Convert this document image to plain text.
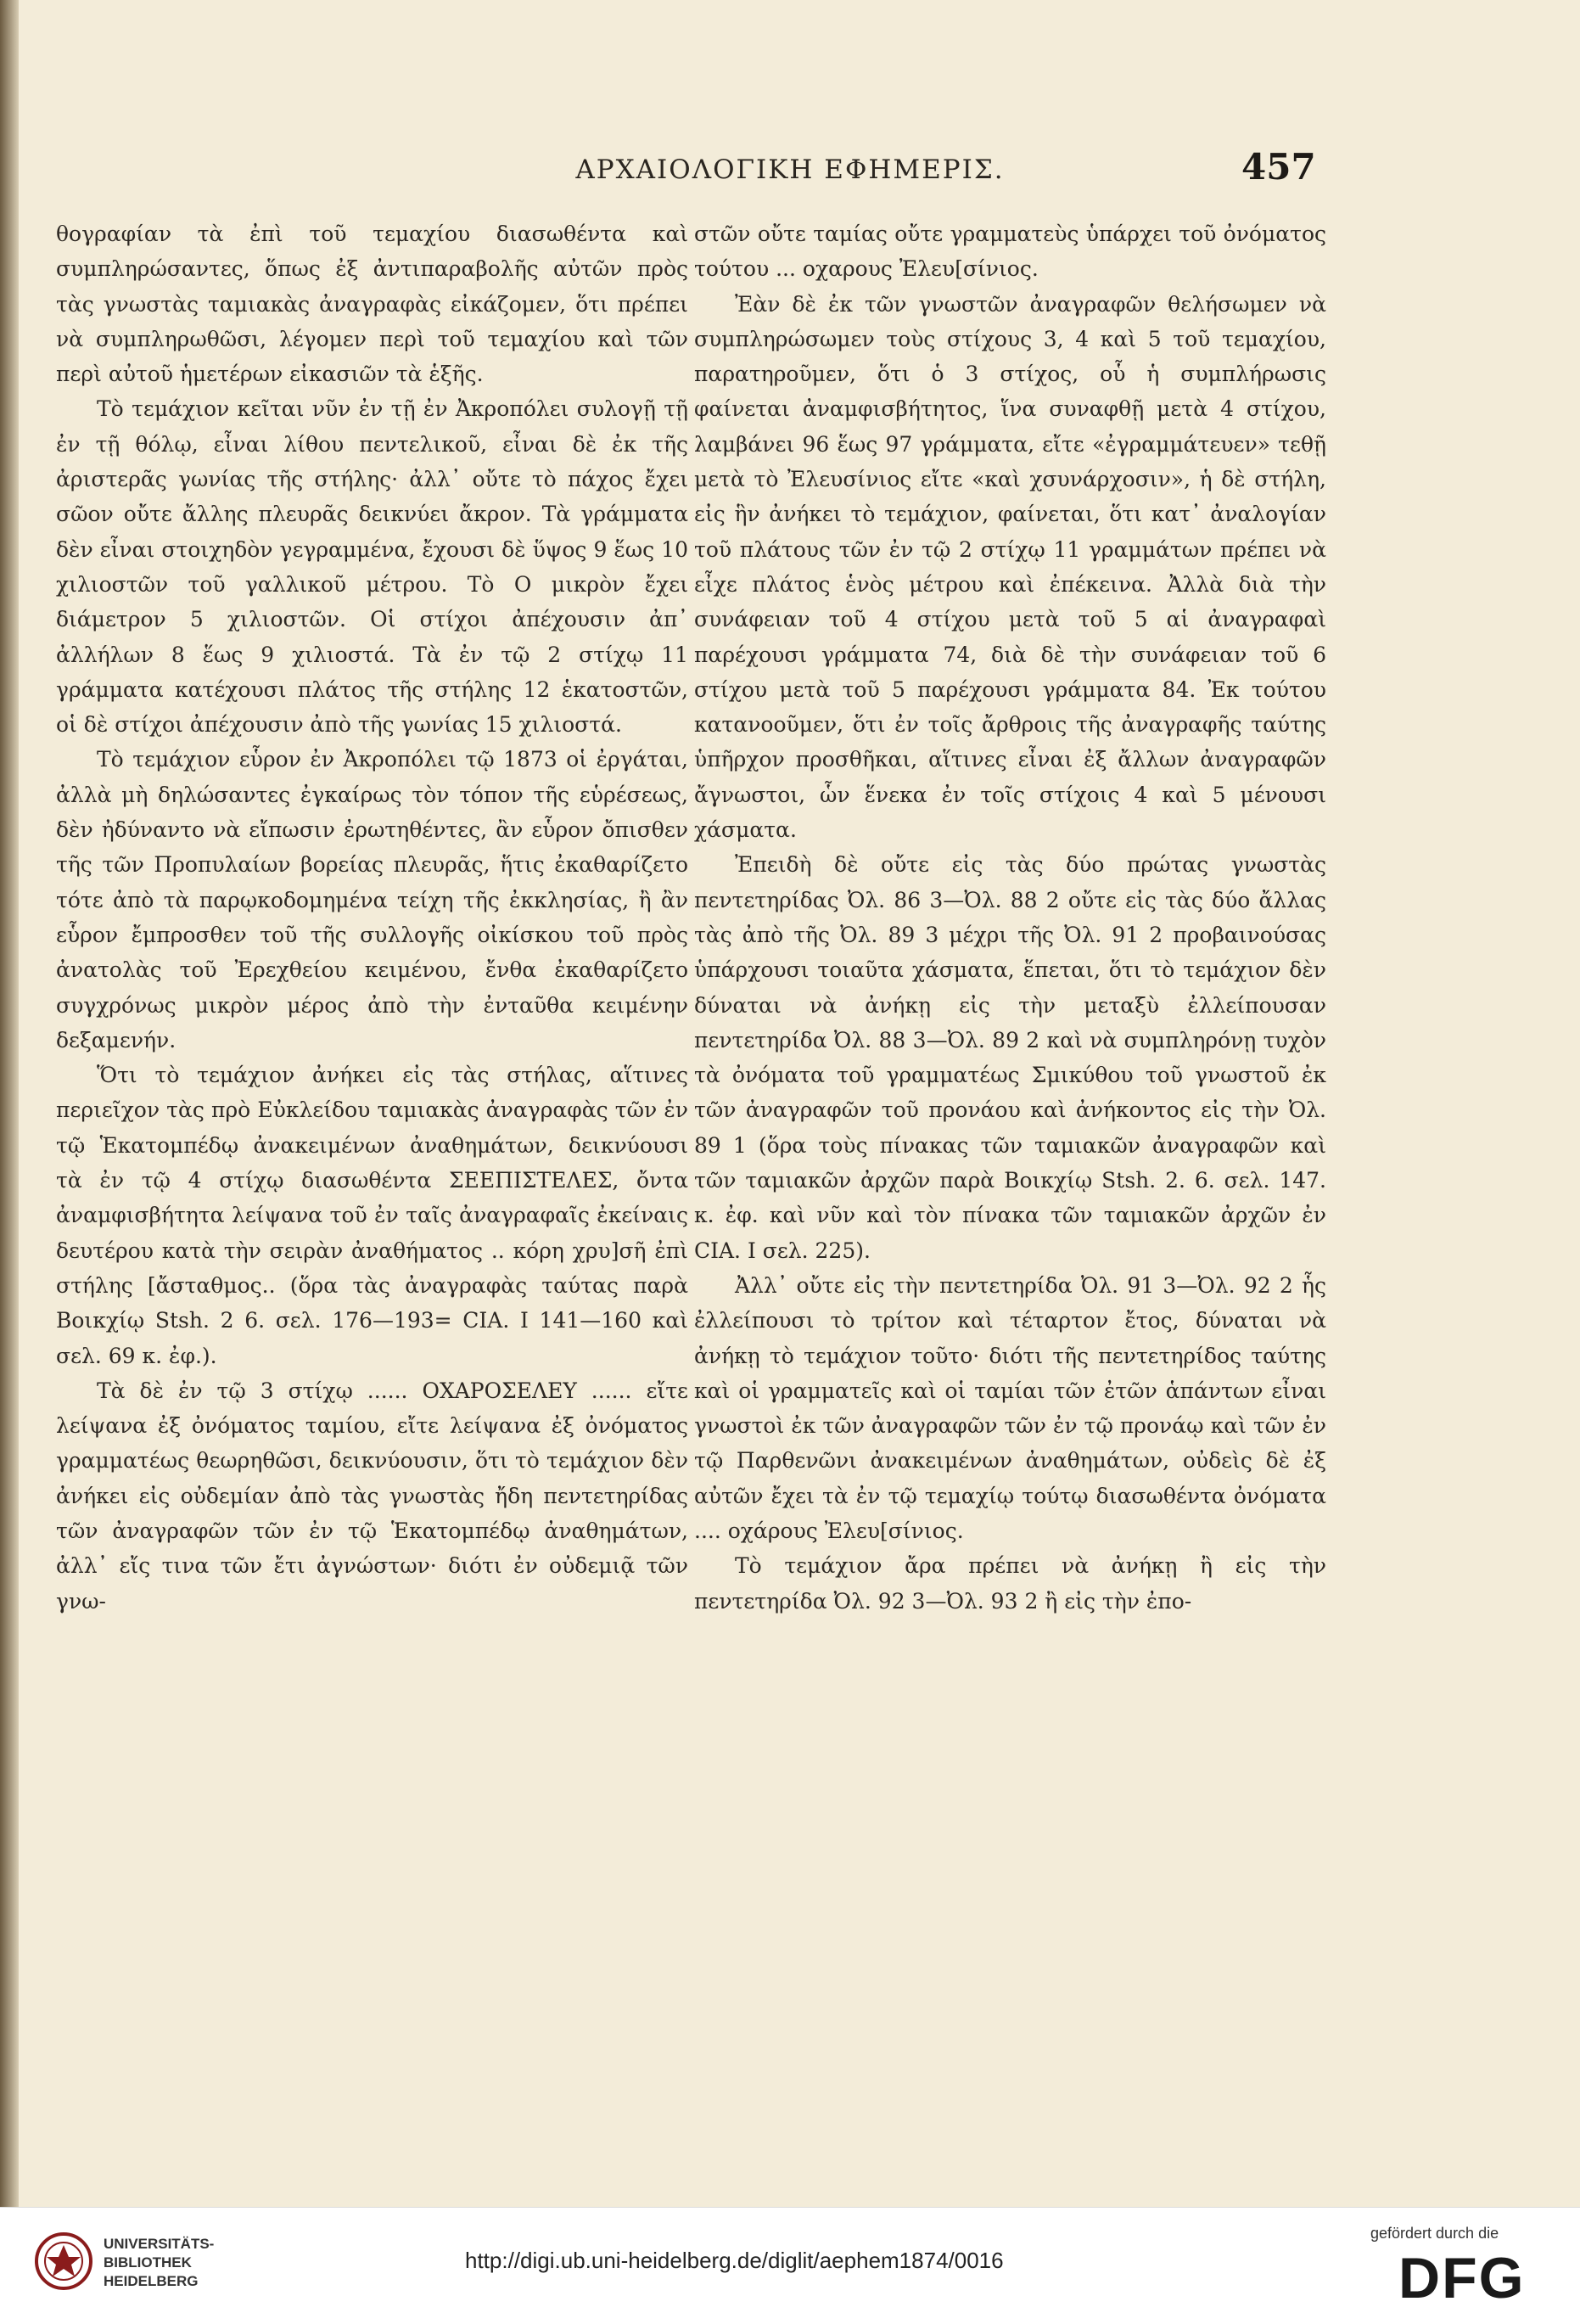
ΑΡΧΑΙΟΛΟΓΙΚΗ ΕΦΗΜΕΡΙΣ.	457

θογραφίαν τὰ ἐπὶ τοῦ τεμαχίου διασωθέντα καὶ συμπληρώσαντες, ὅπως ἐξ ἀντιπαραβολῆς αὐτῶν πρὸς τὰς γνωστὰς ταμιακὰς ἀναγραφὰς εἰκάζομεν, ὅτι πρέπει νὰ συμπληρωθῶσι, λέγομεν περὶ τοῦ τεμαχίου καὶ τῶν περὶ αὐτοῦ ἡμετέρων εἰκασιῶν τὰ ἑξῆς.

Τὸ τεμάχιον κεῖται νῦν ἐν τῇ ἐν Ἀκροπόλει συλογῇ τῇ ἐν τῇ θόλῳ, εἶναι λίθου πεντελικοῦ, εἶναι δὲ ἐκ τῆς ἀριστερᾶς γωνίας τῆς στήλης· ἀλλ᾽ οὔτε τὸ πάχος ἔχει σῶον οὔτε ἄλλης πλευρᾶς δεικνύει ἄκρον. Τὰ γράμματα δὲν εἶναι στοιχηδὸν γεγραμμένα, ἔχουσι δὲ ὕψος 9 ἕως 10 χιλιοστῶν τοῦ γαλλικοῦ μέτρου. Τὸ Ο μικρὸν ἔχει διάμετρον 5 χιλιοστῶν. Οἱ στίχοι ἀπέχουσιν ἀπ᾽ ἀλλήλων 8 ἕως 9 χιλιοστά. Τὰ ἐν τῷ 2 στίχῳ 11 γράμματα κατέχουσι πλάτος τῆς στήλης 12 ἑκατοστῶν, οἱ δὲ στίχοι ἀπέχουσιν ἀπὸ τῆς γωνίας 15 χιλιοστά.

Τὸ τεμάχιον εὗρον ἐν Ἀκροπόλει τῷ 1873 οἱ ἐργάται, ἀλλὰ μὴ δηλώσαντες ἐγκαίρως τὸν τόπον τῆς εὑρέσεως, δὲν ἠδύναντο νὰ εἴπωσιν ἐρωτηθέντες, ἂν εὗρον ὄπισθεν τῆς τῶν Προπυλαίων βορείας πλευρᾶς, ἥτις ἐκαθαρίζετο τότε ἀπὸ τὰ παρῳκοδομημένα τείχη τῆς ἐκκλησίας, ἢ ἂν εὗρον ἔμπροσθεν τοῦ τῆς συλλογῆς οἰκίσκου τοῦ πρὸς ἀνατολὰς τοῦ Ἐρεχθείου κειμένου, ἔνθα ἐκαθαρίζετο συγχρόνως μικρὸν μέρος ἀπὸ τὴν ἐνταῦθα κειμένην δεξαμενήν.

Ὅτι τὸ τεμάχιον ἀνήκει εἰς τὰς στήλας, αἵτινες περιεῖχον τὰς πρὸ Εὐκλείδου ταμιακὰς ἀναγραφὰς τῶν ἐν τῷ Ἑκατομπέδῳ ἀνακειμένων ἀναθημάτων, δεικνύουσι τὰ ἐν τῷ 4 στίχῳ διασωθέντα ΣΕΕΠΙΣΤΕΛΕΣ, ὄντα ἀναμφισβήτητα λείψανα τοῦ ἐν ταῖς ἀναγραφαῖς ἐκείναις δευτέρου κατὰ τὴν σειρὰν ἀναθήματος .. κόρη χρυ]σῆ ἐπὶ στήλης [ἄσταθμος.. (ὅρα τὰς ἀναγραφὰς ταύτας παρὰ Βοικχίῳ Stsh. 2 6. σελ. 176—193= CIA. I 141—160 καὶ σελ. 69 κ. ἐφ.).

Τὰ δὲ ἐν τῷ 3 στίχῳ ...... ΟΧΑΡΟΣΕΛΕΥ ...... εἴτε λείψανα ἐξ ὀνόματος ταμίου, εἴτε λείψανα ἐξ ὀνόματος γραμματέως θεωρηθῶσι, δεικνύουσιν, ὅτι τὸ τεμάχιον δὲν ἀνήκει εἰς οὐδεμίαν ἀπὸ τὰς γνωστὰς ἤδη πεντετηρίδας τῶν ἀναγραφῶν τῶν ἐν τῷ Ἑκατομπέδῳ ἀναθημάτων, ἀλλ᾽ εἴς τινα τῶν ἔτι ἀγνώστων· διότι ἐν οὐδεμιᾷ τῶν γνω-

στῶν οὔτε ταμίας οὔτε γραμματεὺς ὑπάρχει τοῦ ὀνόματος τούτου ... οχαρους Ἐλευ[σίνιος.

Ἐὰν δὲ ἐκ τῶν γνωστῶν ἀναγραφῶν θελήσωμεν νὰ συμπληρώσωμεν τοὺς στίχους 3, 4 καὶ 5 τοῦ τεμαχίου, παρατηροῦμεν, ὅτι ὁ 3 στίχος, οὗ ἡ συμπλήρωσις φαίνεται ἀναμφισβήτητος, ἵνα συναφθῇ μετὰ 4 στίχου, λαμβάνει 96 ἕως 97 γράμματα, εἴτε «ἐγραμμάτευεν» τεθῇ μετὰ τὸ Ἐλευσίνιος εἴτε «καὶ χσυνάρχοσιν», ἡ δὲ στήλη, εἰς ἣν ἀνήκει τὸ τεμάχιον, φαίνεται, ὅτι κατ᾽ ἀναλογίαν τοῦ πλάτους τῶν ἐν τῷ 2 στίχῳ 11 γραμμάτων πρέπει νὰ εἶχε πλάτος ἑνὸς μέτρου καὶ ἐπέκεινα. Ἀλλὰ διὰ τὴν συνάφειαν τοῦ 4 στίχου μετὰ τοῦ 5 αἱ ἀναγραφαὶ παρέχουσι γράμματα 74, διὰ δὲ τὴν συνάφειαν τοῦ 6 στίχου μετὰ τοῦ 5 παρέχουσι γράμματα 84. Ἐκ τούτου κατανοοῦμεν, ὅτι ἐν τοῖς ἄρθροις τῆς ἀναγραφῆς ταύτης ὑπῆρχον προσθῆκαι, αἵτινες εἶναι ἐξ ἄλλων ἀναγραφῶν ἄγνωστοι, ὧν ἕνεκα ἐν τοῖς στίχοις 4 καὶ 5 μένουσι χάσματα.

Ἐπειδὴ δὲ οὔτε εἰς τὰς δύο πρώτας γνωστὰς πεντετηρίδας Ὀλ. 86 3—Ὀλ. 88 2 οὔτε εἰς τὰς δύο ἄλλας τὰς ἀπὸ τῆς Ὀλ. 89 3 μέχρι τῆς Ὀλ. 91 2 προβαινούσας ὑπάρχουσι τοιαῦτα χάσματα, ἕπεται, ὅτι τὸ τεμάχιον δὲν δύναται νὰ ἀνήκῃ εἰς τὴν μεταξὺ ἐλλείπουσαν πεντετηρίδα Ὀλ. 88 3—Ὀλ. 89 2 καὶ νὰ συμπληρόνῃ τυχὸν τὰ ὀνόματα τοῦ γραμματέως Σμικύθου τοῦ γνωστοῦ ἐκ τῶν ἀναγραφῶν τοῦ προνάου καὶ ἀνήκοντος εἰς τὴν Ὀλ. 89 1 (ὅρα τοὺς πίνακας τῶν ταμιακῶν ἀναγραφῶν καὶ τῶν ταμιακῶν ἀρχῶν παρὰ Βοικχίῳ Stsh. 2. 6. σελ. 147. κ. ἐφ. καὶ νῦν καὶ τὸν πίνακα τῶν ταμιακῶν ἀρχῶν ἐν CIA. I σελ. 225).

Ἀλλ᾽ οὔτε εἰς τὴν πεντετηρίδα Ὀλ. 91 3—Ὀλ. 92 2 ἧς ἐλλείπουσι τὸ τρίτον καὶ τέταρτον ἔτος, δύναται νὰ ἀνήκῃ τὸ τεμάχιον τοῦτο· διότι τῆς πεντετηρίδος ταύτης καὶ οἱ γραμματεῖς καὶ οἱ ταμίαι τῶν ἐτῶν ἁπάντων εἶναι γνωστοὶ ἐκ τῶν ἀναγραφῶν τῶν ἐν τῷ προνάῳ καὶ τῶν ἐν τῷ Παρθενῶνι ἀνακειμένων ἀναθημάτων, οὐδεὶς δὲ ἐξ αὐτῶν ἔχει τὰ ἐν τῷ τεμαχίῳ τούτῳ διασωθέντα ὀνόματα .... οχάρους Ἐλευ[σίνιος.

Τὸ τεμάχιον ἄρα πρέπει νὰ ἀνήκῃ ἢ εἰς τὴν πεντετηρίδα Ὀλ. 92 3—Ὀλ. 93 2 ἢ εἰς τὴν ἐπο-

UNIVERSITÄTS-
BIBLIOTHEK
HEIDELBERG
http://digi.ub.uni-heidelberg.de/diglit/aephem1874/0016
gefördert durch die
DFG
